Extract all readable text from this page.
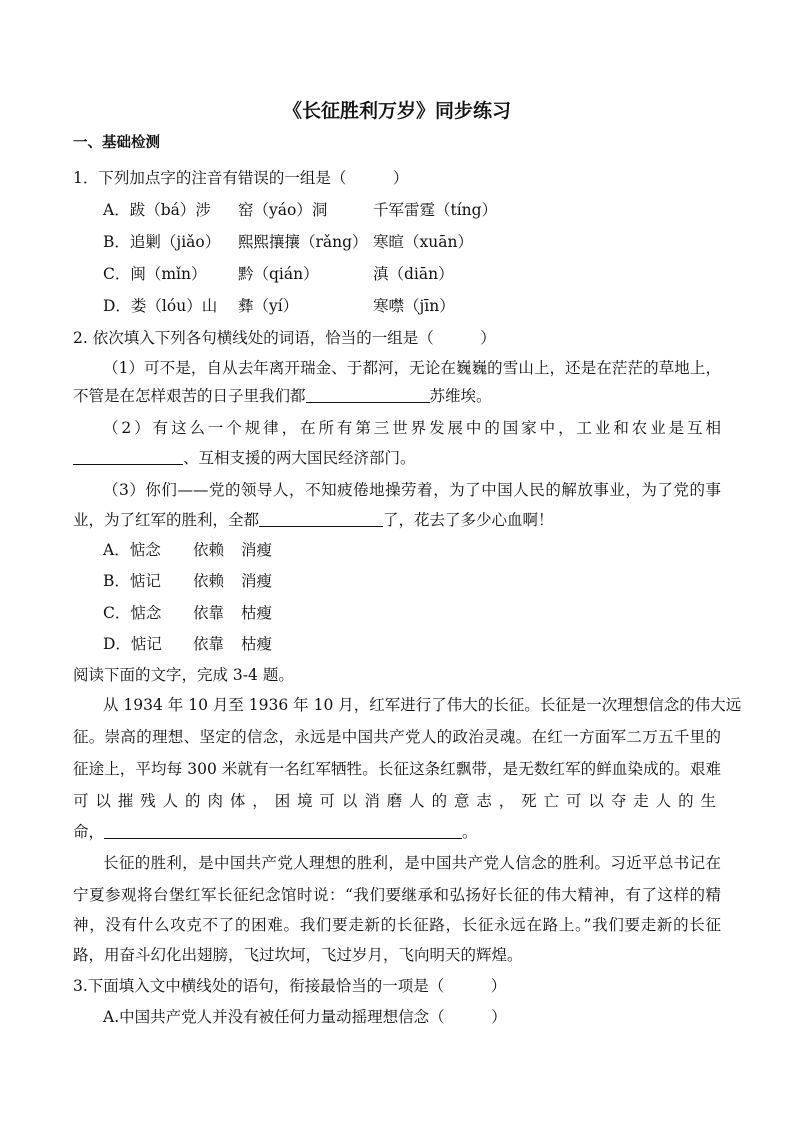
《长征胜利万岁》同步练习
一、基础检测
1．下列加点字的注音有错误的一组是（　　　）
A．跋（bá）涉 窑（yáo）洞	千军雷霆（tíng）
B．追剿（jiǎo） 熙熙攘攘（rǎng） 寒暄（xuān）
C．闽（mǐn） 黔（qián）	滇（diān）
D．娄（lóu）山 彝（yí）	寒噤（jīn）
2. 依次填入下列各句横线处的词语，恰当的一组是（　　　）
（1）可不是，自从去年离开瑞金、于都河，无论在巍巍的雪山上，还是在茫茫的草地上，
不管是在怎样艰苦的日子里我们都	苏维埃。
（2）有这么一个规律，在所有第三世界发展中的国家中，工业和农业是互相
、互相支援的两大国民经济部门。
（3）你们——党的领导人，不知疲倦地操劳着，为了中国人民的解放事业，为了党的事
业，为了红军的胜利，全都	了，花去了多少心血啊！
A．惦念 依赖 消瘦
B．惦记 依赖 消瘦
C．惦念 依靠 枯瘦
D．惦记 依靠 枯瘦
阅读下面的文字，完成 3-4 题。
从 1934 年 10 月至 1936 年 10 月，红军进行了伟大的长征。长征是一次理想信念的伟大远
征。崇高的理想、坚定的信念，永远是中国共产党人的政治灵魂。在红一方面军二万五千里的
征途上，平均每 300 米就有一名红军牺牲。长征这条红飘带，是无数红军的鲜血染成的。艰难
可以摧残人的肉体，困境可以消磨人的意志，死亡可以夺走人的生
命，	。
长征的胜利，是中国共产党人理想的胜利，是中国共产党人信念的胜利。习近平总书记在
宁夏参观将台堡红军长征纪念馆时说：“我们要继承和弘扬好长征的伟大精神，有了这样的精
神，没有什么攻克不了的困难。我们要走新的长征路，长征永远在路上。”我们要走新的长征
路，用奋斗幻化出翅膀，飞过坎坷，飞过岁月，飞向明天的辉煌。
3.下面填入文中横线处的语句，衔接最恰当的一项是（　　　）
A.中国共产党人并没有被任何力量动摇理想信念（　　　）
